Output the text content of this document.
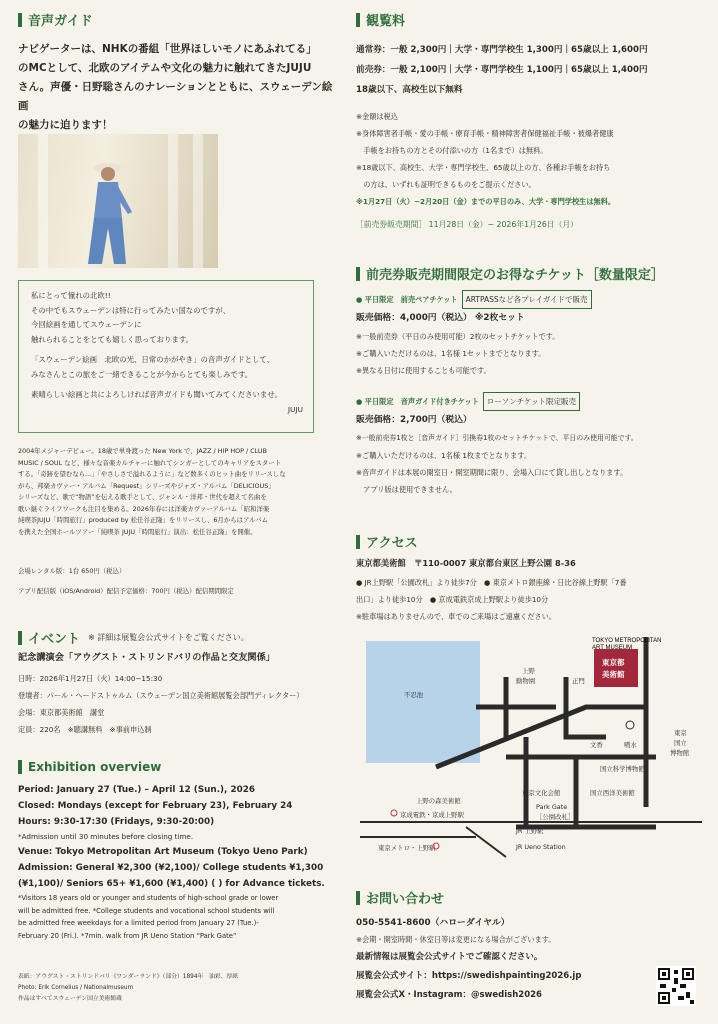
音声ガイド

ナビゲーターは、NHKの番組「世界ほしいモノにあふれてる」

のMCとして、北欧のアイテムや文化の魅力に触れてきたJUJU

さん。声優・日野聡さんのナレーションとともに、スウェーデン絵画

の魅力に迫ります！

私にとって憧れの北欧!!

その中でもスウェーデンは特に行ってみたい国なのですが、

今回絵画を通してスウェーデンに

触れられることをとても嬉しく思っております。

「スウェーデン絵画　北欧の光、日常のかがやき」の音声ガイドとして、

みなさんとこの旅をご一緒できることが今からとても楽しみです。

素晴らしい絵画と共によろしければ音声ガイドも聞いてみてくださいませ。

JUJU

2004年メジャーデビュー。18歳で単身渡った New York で、JAZZ / HIP HOP / CLUB

MUSIC / SOUL など、様々な音楽カルチャーに触れてシンガーとしてのキャリアをスタート

する。「奇跡を望むなら...」「やさしさで溢れるように」など数多くのヒット曲をリリースしな

がら、邦楽カヴァー・アルバム「Request」シリーズやジャズ・アルバム「DELICIOUS」

シリーズなど、歌で“物語”を伝える歌手として、ジャンル・洋邦・世代を超えて名曲を

歌い継ぐライフワークも注目を集める。2026年春には洋楽カヴァーアルバム「昭和洋楽

純喫茶JUJU「時間旅行」produced by 松任谷正隆」をリリースし、6月からはアルバム

を携えた全国ホールツアー「純喫茶 JUJU「時間旅行」演出：松任谷正隆」を開催。

会場レンタル版：1台 650円（税込）

アプリ配信版（iOS/Android）配信予定価格：700円（税込）配信期間限定

イベント ※ 詳細は展覧会公式サイトをご覧ください。

記念講演会「アウグスト・ストリンドバリの作品と交友関係」

日時：2026年1月27日（火）14:00−15:30

登壇者：パール・ヘードストゥルム（スウェーデン国立美術館展覧会部門ディレクター）

会場：東京都美術館　講堂

定員：220名　※聴講無料　※事前申込制

Exhibition overview

Period: January 27 (Tue.) – April 12 (Sun.), 2026

Closed: Mondays (except for February 23), February 24

Hours: 9:30-17:30 (Fridays, 9:30-20:00)

*Admission until 30 minutes before closing time.

Venue: Tokyo Metropolitan Art Museum (Tokyo Ueno Park)

Admission: General ¥2,300 (¥2,100)/ College students ¥1,300

(¥1,100)/ Seniors 65+ ¥1,600 (¥1,400) ( ) for Advance tickets.

*Visitors 18 years old or younger and students of high-school grade or lower

will be admitted free. *College students and vocational school students will

be admitted free weekdays for a limited period from January 27 (Tue.)-

February 20 (Fri.). *7min. walk from JR Ueno Station “Park Gate”

表紙：アウグスト・ストリンドバリ《ワンダーランド》（部分）1894年　油彩、厚紙

Photo: Erik Cornelius / Nationalmuseum

作品はすべてスウェーデン国立美術館蔵

観覧料

通常券：一般 2,300円｜大学・専門学校生 1,300円｜65歳以上 1,600円

前売券：一般 2,100円｜大学・専門学校生 1,100円｜65歳以上 1,400円

18歳以下、高校生以下無料

※金額は税込

※身体障害者手帳・愛の手帳・療育手帳・精神障害者保健福祉手帳・被爆者健康

　手帳をお持ちの方とその付添いの方（1名まで）は無料。

※18歳以下、高校生、大学・専門学校生、65歳以上の方、各種お手帳をお持ち

　の方は、いずれも証明できるものをご提示ください。

※1月27日（火）−2月20日（金）までの平日のみ、大学・専門学校生は無料。

［前売券販売期間］ 11月28日（金）− 2026年1月26日（月）

前売券販売期間限定のお得なチケット［数量限定］

● 平日限定　前売ペアチケット ARTPASSなど各プレイガイドで販売

販売価格：4,000円（税込） ※2枚セット

※一般前売券（平日のみ使用可能）2枚のセットチケットです。

※ご購入いただけるのは、1名様 1セットまでとなります。

※異なる日付に使用することも可能です。

● 平日限定　音声ガイド付きチケット ローソンチケット限定販売

販売価格：2,700円（税込）

※一般前売券1枚と［音声ガイド］引換券1枚のセットチケットで、平日のみ使用可能です。

※ご購入いただけるのは、1名様 1枚までとなります。

※音声ガイドは本展の開室日・開室期間に限り、会場入口にて貸し出しとなります。

　アプリ版は使用できません。

アクセス

東京都美術館　〒110-0007 東京都台東区上野公園 8-36

● JR上野駅「公園改札」より徒歩7分　● 東京メトロ銀座線・日比谷線上野駅「7番

出口」より徒歩10分　● 京成電鉄京成上野駅より徒歩10分

※駐車場はありませんので、車でのご来場はご遠慮ください。

TOKYO METROPOLITAN
ART MUSEUM
東京都
美術館
上野
動物園	正門
不忍池
文香	噴水
東京
国立
博物館
国立科学博物館
東京文化会館	国立西洋美術館
上野の森美術館
京成電鉄・京成上野駅
Park Gate
［公園改札］
JR 上野駅
JR Ueno Station
東京メトロ・上野駅
お問い合わせ

050-5541-8600（ハローダイヤル）

※会期・開室時間・休室日等は変更になる場合がございます。

最新情報は展覧会公式サイトでご確認ください。

展覧会公式サイト：https://swedishpainting2026.jp

展覧会公式X・Instagram：@swedish2026
